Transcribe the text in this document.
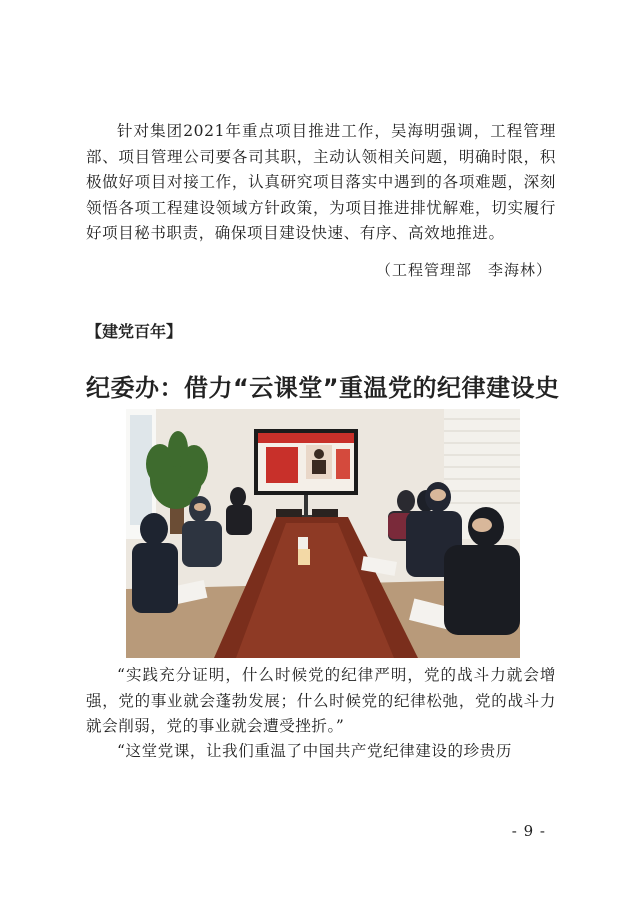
针对集团2021年重点项目推进工作，吴海明强调，工程管理部、项目管理公司要各司其职，主动认领相关问题，明确时限，积极做好项目对接工作，认真研究项目落实中遇到的各项难题，深刻领悟各项工程建设领域方针政策，为项目推进排忧解难，切实履行好项目秘书职责，确保项目建设快速、有序、高效地推进。

（工程管理部　李海林）

【建党百年】

纪委办：借力“云课堂”重温党的纪律建设史

“实践充分证明，什么时候党的纪律严明，党的战斗力就会增强，党的事业就会蓬勃发展；什么时候党的纪律松弛，党的战斗力就会削弱，党的事业就会遭受挫折。”

“这堂党课，让我们重温了中国共产党纪律建设的珍贵历

- 9 -
